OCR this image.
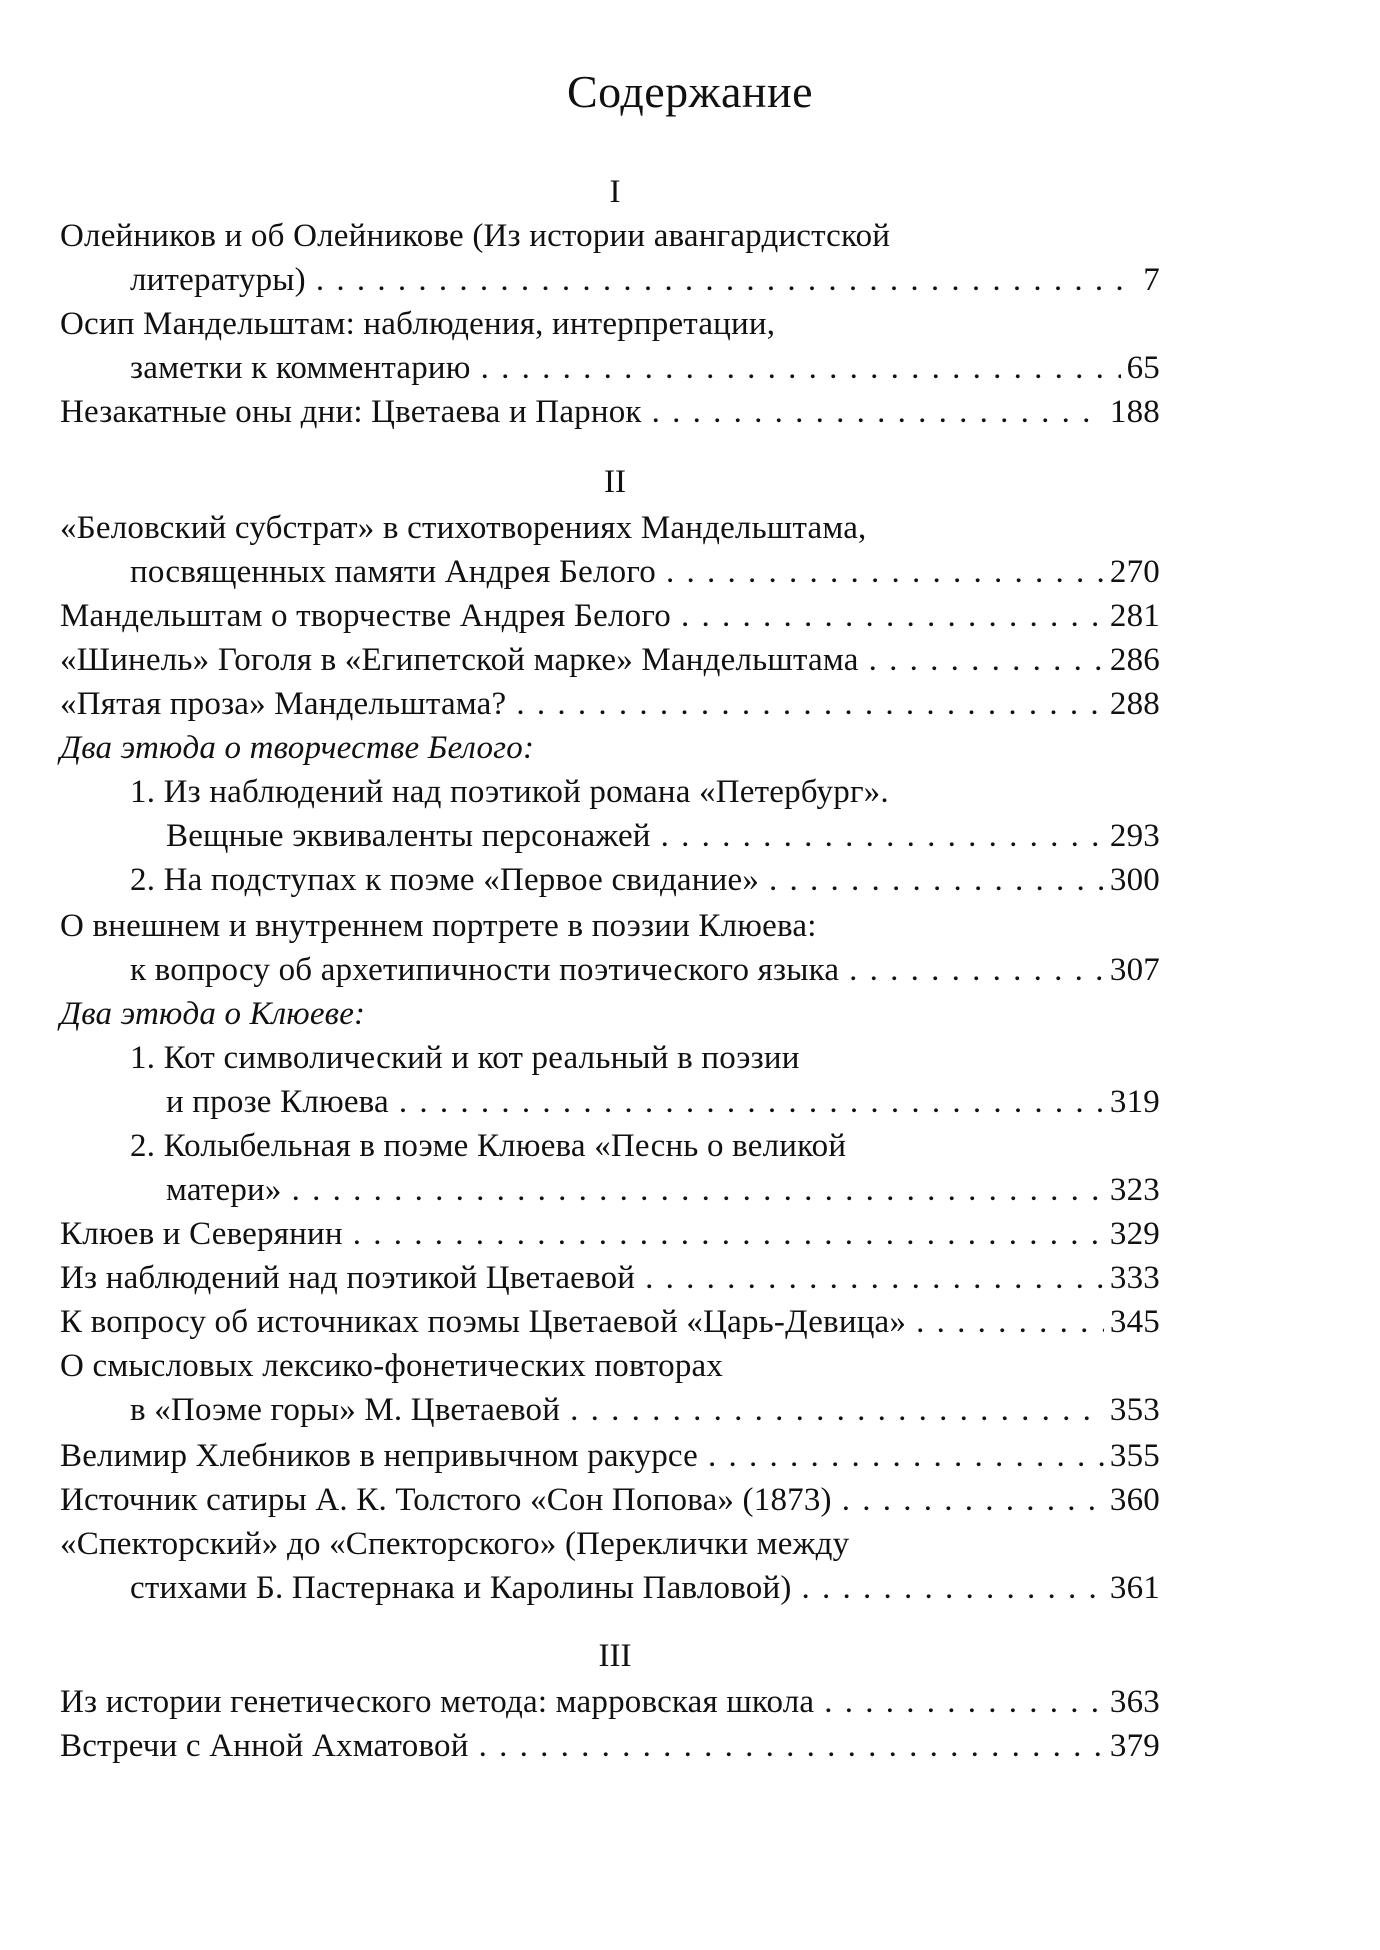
Содержание
I
Олейников и об Олейникове (Из истории авангардистской
литературы) . . .	7
Осип Мандельштам: наблюдения, интерпретации,
заметки к комментарию . . .	65
Незакатные оны дни: Цветаева и Парнок . . .	188
II
«Беловский субстрат» в стихотворениях Мандельштама,
посвященных памяти Андрея Белого . . .	270
Мандельштам о творчестве Андрея Белого . . .	281
«Шинель» Гоголя в «Египетской марке» Мандельштама . . .	286
«Пятая проза» Мандельштама? . . .	288
Два этюда о творчестве Белого:
1. Из наблюдений над поэтикой романа «Петербург».
Вещные эквиваленты персонажей . . .	293
2. На подступах к поэме «Первое свидание» . . .	300
О внешнем и внутреннем портрете в поэзии Клюева:
к вопросу об архетипичности поэтического языка . . .	307
Два этюда о Клюеве:
1. Кот символический и кот реальный в поэзии
и прозе Клюева . . .	319
2. Колыбельная в поэме Клюева «Песнь о великой
матери» . . .	323
Клюев и Северянин . . .	329
Из наблюдений над поэтикой Цветаевой . . .	333
К вопросу об источниках поэмы Цветаевой «Царь-Девица» . . .	345
О смысловых лексико-фонетических повторах
в «Поэме горы» М. Цветаевой . . .	353
Велимир Хлебников в непривычном ракурсе . . .	355
Источник сатиры А. К. Толстого «Сон Попова» (1873) . . .	360
«Спекторский» до «Спекторского» (Переклички между
стихами Б. Пастернака и Каролины Павловой) . . .	361
III
Из истории генетического метода: марровская школа . . .	363
Встречи с Анной Ахматовой . . .	379
